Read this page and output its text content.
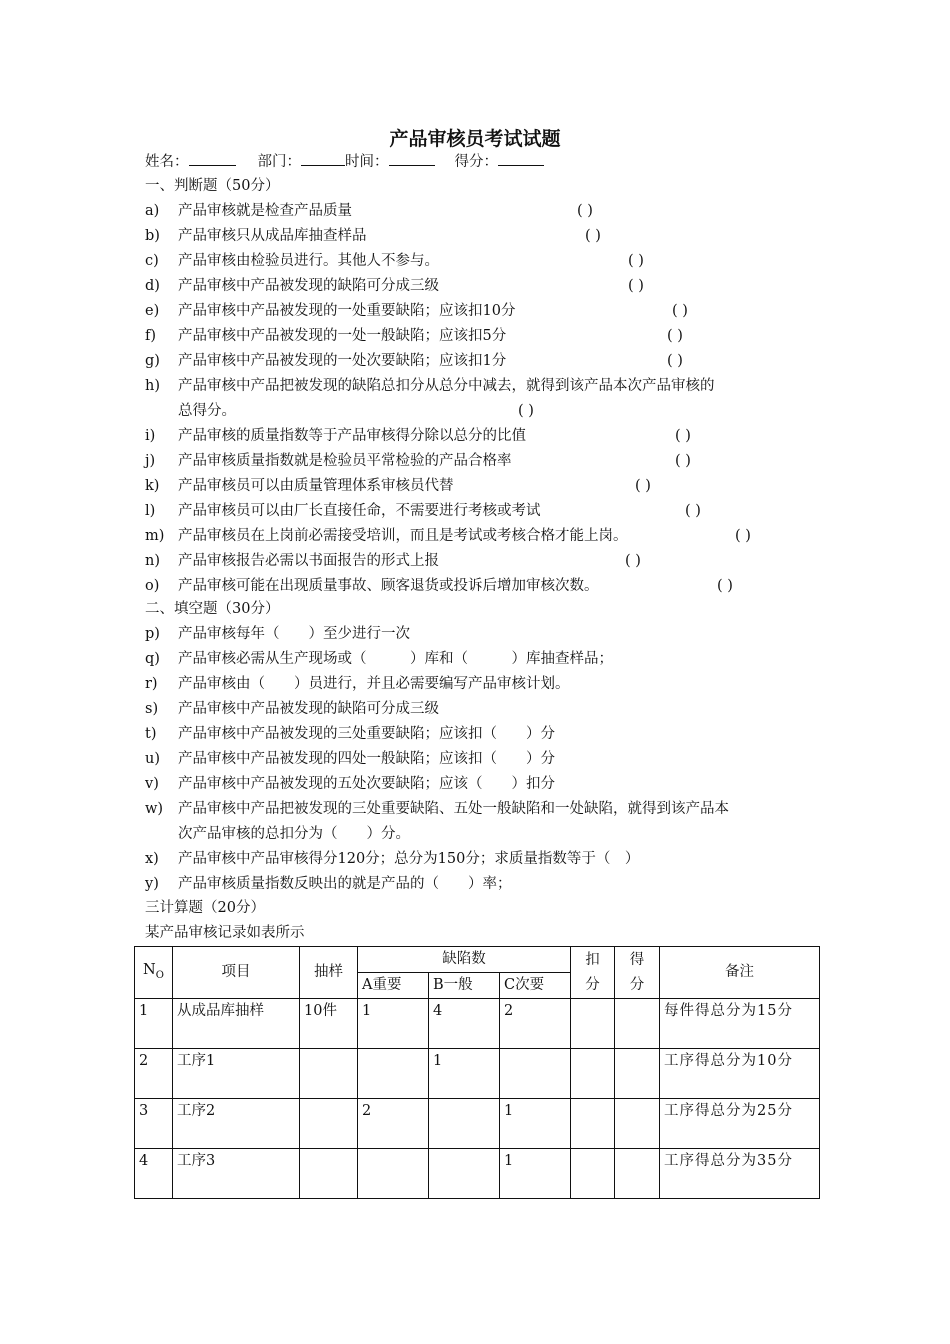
产品审核员考试试题
姓名：	部门：	时间：	得分：
一、判断题（50分）
a) 产品审核就是检查产品质量	( )
b) 产品审核只从成品库抽查样品	( )
c) 产品审核由检验员进行。其他人不参与。	( )
d) 产品审核中产品被发现的缺陷可分成三级	( )
e) 产品审核中产品被发现的一处重要缺陷；应该扣10分	( )
f) 产品审核中产品被发现的一处一般缺陷；应该扣5分	( )
g) 产品审核中产品被发现的一处次要缺陷；应该扣1分	( )
h) 产品审核中产品把被发现的缺陷总扣分从总分中减去，就得到该产品本次产品审核的
总得分。	( )
i) 产品审核的质量指数等于产品审核得分除以总分的比值	( )
j) 产品审核质量指数就是检验员平常检验的产品合格率	( )
k) 产品审核员可以由质量管理体系审核员代替	( )
l) 产品审核员可以由厂长直接任命，不需要进行考核或考试	( )
m) 产品审核员在上岗前必需接受培训，而且是考试或考核合格才能上岗。	( )
n) 产品审核报告必需以书面报告的形式上报	( )
o) 产品审核可能在出现质量事故、顾客退货或投诉后增加审核次数。	( )
二、填空题（30分）
p) 产品审核每年（　　）至少进行一次
q) 产品审核必需从生产现场或（　　　）库和（　　　）库抽查样品；
r) 产品审核由（　　）员进行，并且必需要编写产品审核计划。
s) 产品审核中产品被发现的缺陷可分成三级
t) 产品审核中产品被发现的三处重要缺陷；应该扣（　　）分
u) 产品审核中产品被发现的四处一般缺陷；应该扣（　　）分
v) 产品审核中产品被发现的五处次要缺陷；应该（　　）扣分
w) 产品审核中产品把被发现的三处重要缺陷、五处一般缺陷和一处缺陷，就得到该产品本
次产品审核的总扣分为（　　）分。
x) 产品审核中产品审核得分120分；总分为150分；求质量指数等于（　）
y) 产品审核质量指数反映出的就是产品的（　　）率；
三计算题（20分）
某产品审核记录如表所示
$N_O$	项目	抽样	缺陷数			扣分	得分	备注
			A重要	B一般	C次要			
1	从成品库抽样	10件	1	4	2			每件得总分为15分
2	工序1			1				工序得总分为10分
3	工序2		2		1			工序得总分为25分
4	工序3				1			工序得总分为35分
